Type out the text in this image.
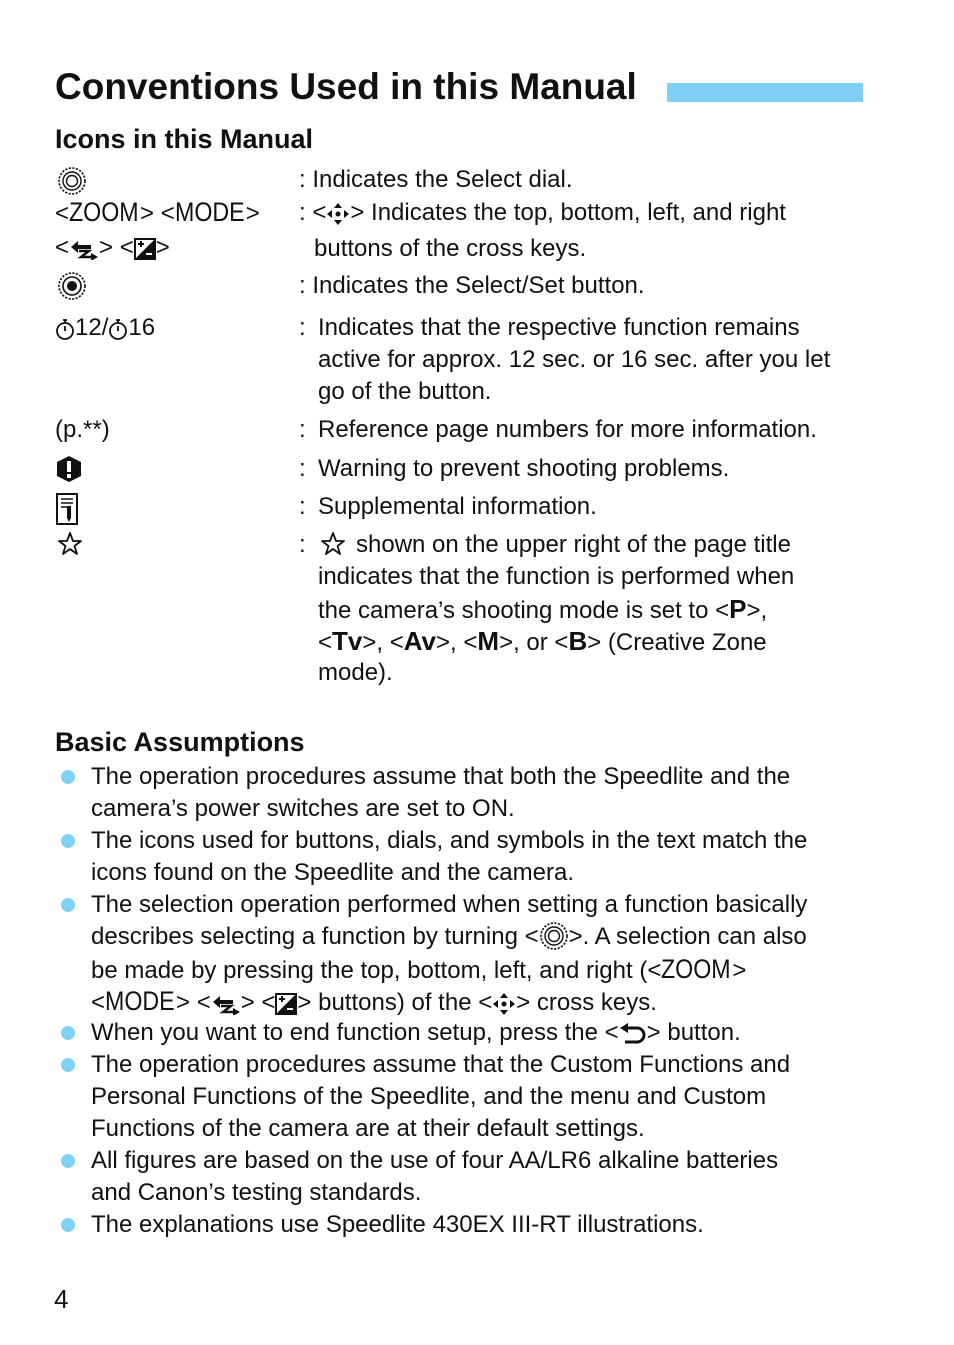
Conventions Used in this Manual
Icons in this Manual
: Indicates the Select dial.
<ZOOM> <MODE>
< > < >
: < > Indicates the top, bottom, left, and right
buttons of the cross keys.
: Indicates the Select/Set button.
12/ 16	: Indicates that the respective function remains
active for approx. 12 sec. or 16 sec. after you let
go of the button.
(p.**)	: Reference page numbers for more information.
: Warning to prevent shooting problems.
: Supplemental information.
:	shown on the upper right of the page title
indicates that the function is performed when
the camera’s shooting mode is set to <P>,
<Tv>, <Av>, <M>, or <B> (Creative Zone
mode).
Basic Assumptions
The operation procedures assume that both the Speedlite and the
camera’s power switches are set to ON.
The icons used for buttons, dials, and symbols in the text match the
icons found on the Speedlite and the camera.
The selection operation performed when setting a function basically
describes selecting a function by turning < >. A selection can also
be made by pressing the top, bottom, left, and right (<ZOOM>
<MODE> < > < > buttons) of the < > cross keys.
When you want to end function setup, press the < > button.
The operation procedures assume that the Custom Functions and
Personal Functions of the Speedlite, and the menu and Custom
Functions of the camera are at their default settings.
All figures are based on the use of four AA/LR6 alkaline batteries
and Canon’s testing standards.
The explanations use Speedlite 430EX III-RT illustrations.
4
